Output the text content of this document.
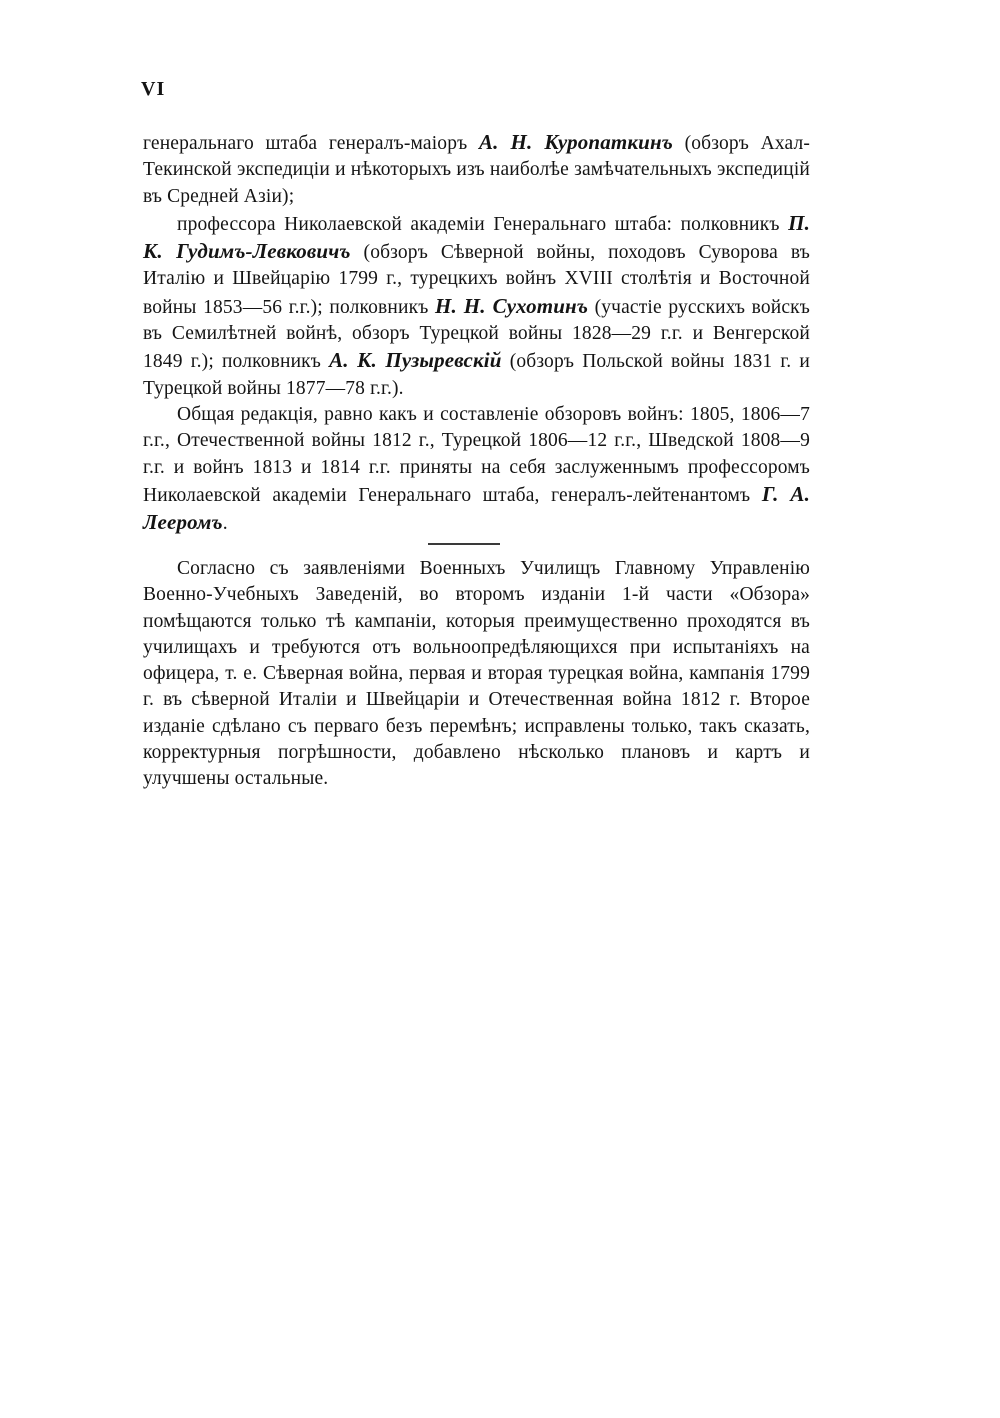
VI

генеральнаго штаба генералъ-маіоръ А. Н. Куропаткинъ (обзоръ Ахал-Текинской экспедиціи и нѣкоторыхъ изъ наиболѣе замѣчательныхъ экспедицій въ Средней Азіи);

профессора Николаевской академіи Генеральнаго штаба: полковникъ П. К. Гудимъ-Левковичъ (обзоръ Сѣверной войны, походовъ Суворова въ Италію и Швейцарію 1799 г., турецкихъ войнъ XVIII столѣтія и Восточной войны 1853—56 г.г.); полковникъ Н. Н. Сухотинъ (участіе русскихъ войскъ въ Семилѣтней войнѣ, обзоръ Турецкой войны 1828—29 г.г. и Венгерской 1849 г.); полковникъ А. К. Пузыревскій (обзоръ Польской войны 1831 г. и Турецкой войны 1877—78 г.г.).

Общая редакція, равно какъ и составленіе обзоровъ войнъ: 1805, 1806—7 г.г., Отечественной войны 1812 г., Турецкой 1806—12 г.г., Шведской 1808—9 г.г. и войнъ 1813 и 1814 г.г. приняты на себя заслуженнымъ профессоромъ Николаевской академіи Генеральнаго штаба, генералъ-лейтенантомъ Г. А. Лееромъ.

Согласно съ заявленіями Военныхъ Училищъ Главному Управленію Военно-Учебныхъ Заведеній, во второмъ изданіи 1-й части «Обзора» помѣщаются только тѣ кампаніи, которыя преимущественно проходятся въ училищахъ и требуются отъ вольноопредѣляющихся при испытаніяхъ на офицера, т. е. Сѣверная война, первая и вторая турецкая война, кампанія 1799 г. въ сѣверной Италіи и Швейцаріи и Отечественная война 1812 г. Второе изданіе сдѣлано съ перваго безъ перемѣнъ; исправлены только, такъ сказать, корректурныя погрѣшности, добавлено нѣсколько плановъ и картъ и улучшены остальные.
